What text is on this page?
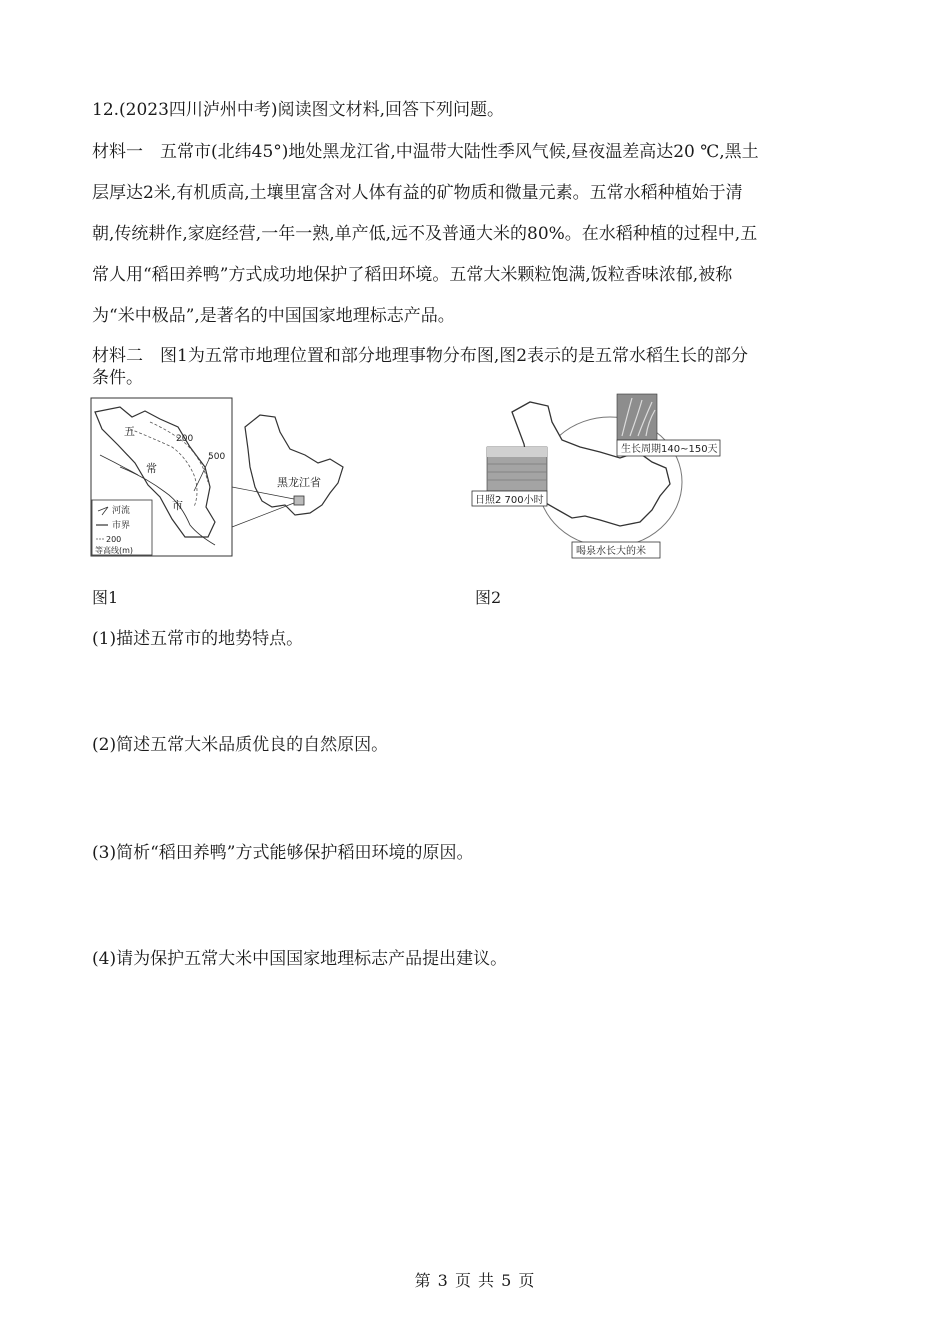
12.(2023四川泸州中考)阅读图文材料,回答下列问题。
材料一　五常市(北纬45°)地处黑龙江省,中温带大陆性季风气候,昼夜温差高达20 ℃,黑土
层厚达2米,有机质高,土壤里富含对人体有益的矿物质和微量元素。五常水稻种植始于清
朝,传统耕作,家庭经营,一年一熟,单产低,远不及普通大米的80%。在水稻种植的过程中,五
常人用“稻田养鸭”方式成功地保护了稻田环境。五常大米颗粒饱满,饭粒香味浓郁,被称
为“米中极品”,是著名的中国国家地理标志产品。
材料二　图1为五常市地理位置和部分地理事物分布图,图2表示的是五常水稻生长的部分
条件。
五
常
市
200
500
河流
市界
200
等高线(m)
黑龙江省
生长周期140~150天
日照2 700小时
喝泉水长大的米
图1	图2
(1)描述五常市的地势特点。
(2)简述五常大米品质优良的自然原因。
(3)简析“稻田养鸭”方式能够保护稻田环境的原因。
(4)请为保护五常大米中国国家地理标志产品提出建议。
第 3 页 共 5 页
